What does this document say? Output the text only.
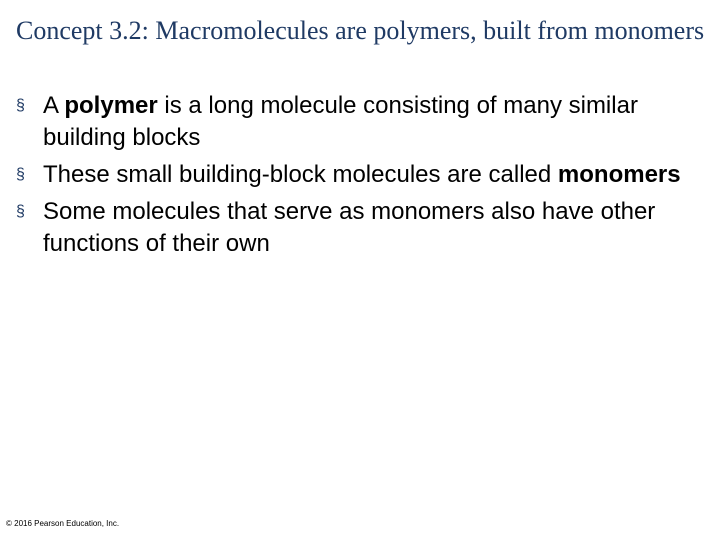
Concept 3.2: Macromolecules are polymers, built from monomers
§ A polymer is a long molecule consisting of many similar building blocks
§ These small building-block molecules are called monomers
§ Some molecules that serve as monomers also have other functions of their own
© 2016 Pearson Education, Inc.
